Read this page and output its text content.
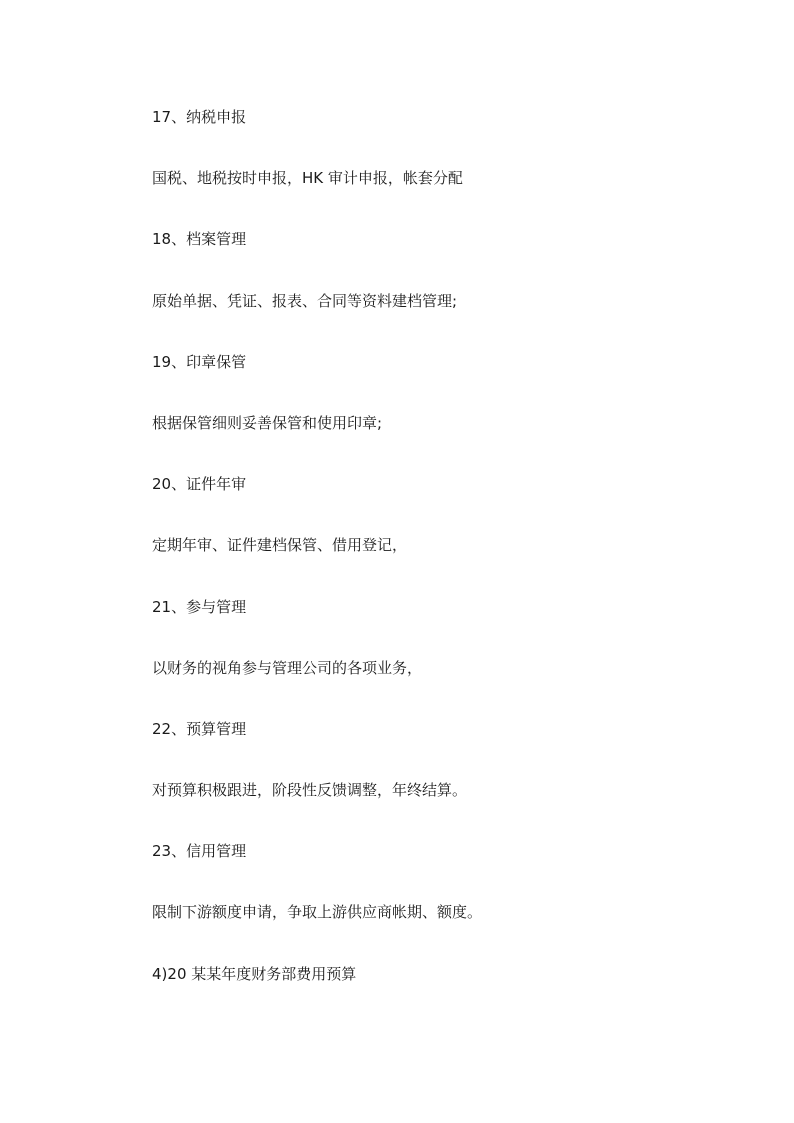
17、纳税申报

国税、地税按时申报，HK 审计申报，帐套分配

18、档案管理

原始单据、凭证、报表、合同等资料建档管理;

19、印章保管

根据保管细则妥善保管和使用印章;

20、证件年审

定期年审、证件建档保管、借用登记，

21、参与管理

以财务的视角参与管理公司的各项业务，

22、预算管理

对预算积极跟进，阶段性反馈调整，年终结算。

23、信用管理

限制下游额度申请，争取上游供应商帐期、额度。

4)20 某某年度财务部费用预算
